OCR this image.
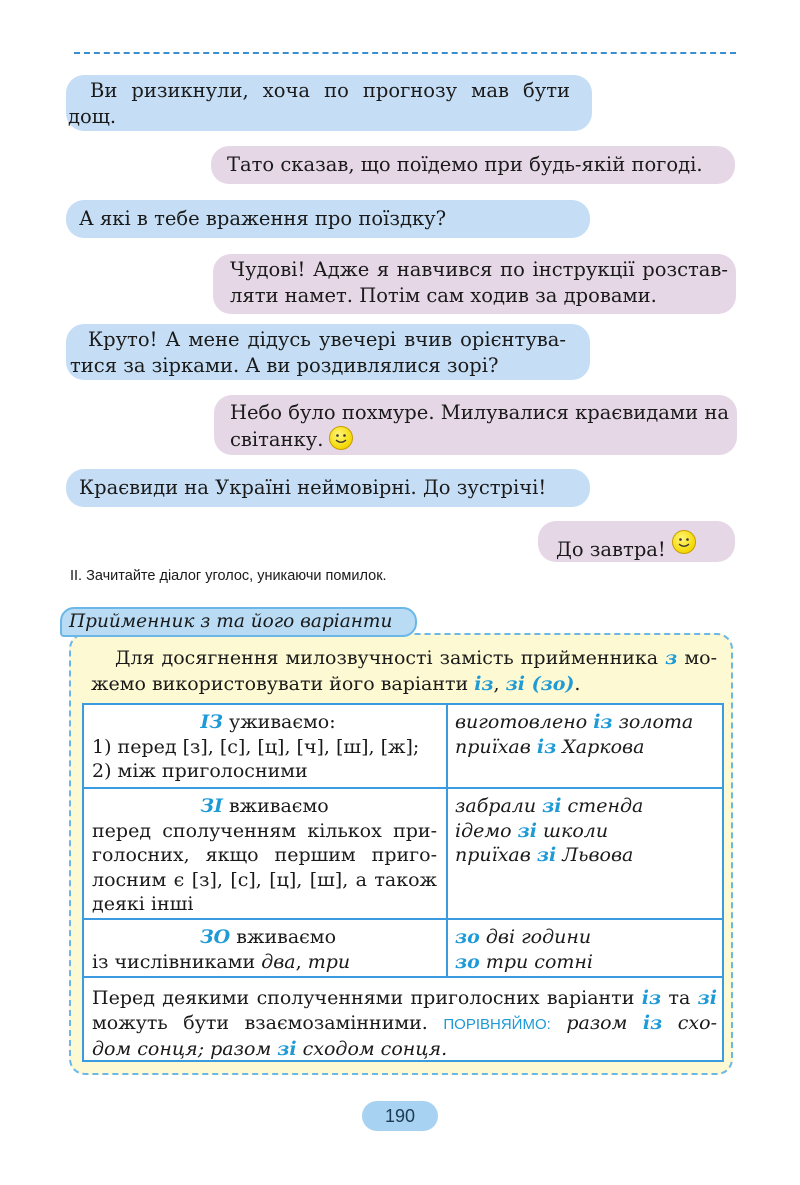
Ви ризикнули, хоча по прогнозу мав бути
дощ.
Тато сказав, що поїдемо при будь-якій погоді.
А які в тебе враження про поїздку?
Чудові! Адже я навчився по інструкції розстав-
ляти намет. Потім сам ходив за дровами.
Круто! А мене дідусь увечері вчив орієнтува-
тися за зірками. А ви роздивлялися зорі?
Небо було похмуре. Милувалися краєвидами на
світанку.
Краєвиди на Україні неймовірні. До зустрічі!
До завтра!
II. Зачитайте діалог уголос, уникаючи помилок.
Прийменник з та його варіанти
Для досягнення милозвучності замість прийменника з мо-
жемо використовувати його варіанти із, зі (зо).
ІЗ уживаємо:
1) перед [з], [с], [ц], [ч], [ш], [ж];
2) між приголосними
виготовлено із золота
приїхав із Харкова
ЗІ вживаємо
перед сполученням кількох при-
голосних, якщо першим пригo-
лосним є [з], [с], [ц], [ш], а також
деякі інші
забрали зі стенда
ідемо зі школи
приїхав зі Львова
ЗО вживаємо
із числівниками два, три
зо дві години
зо три сотні
Перед деякими сполученнями приголосних варіанти із та зі
можуть бути взаємозамінними. ПОРІВНЯЙМО: разом із схо-
дом сонця; разом зі сходом сонця.
190
